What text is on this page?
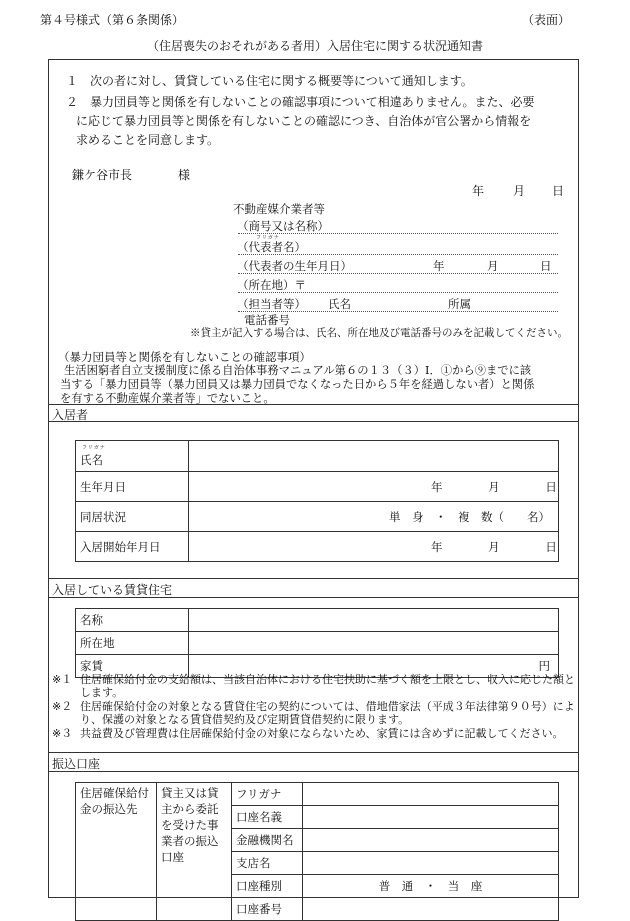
第４号様式（第６条関係）	（表面）
（住居喪失のおそれがある者用）入居住宅に関する状況通知書
１　次の者に対し、賃貸している住宅に関する概要等について通知します。
２　暴力団員等と関係を有しないことの確認事項について相違ありません。また、必要
に応じて暴力団員等と関係を有しないことの確認につき、自治体が官公署から情報を
求めることを同意します。
鎌ケ谷市長	様
年 月 日
不動産媒介業者等
（商号又は名称）
フリガナ
（代表者名）
（代表者の生年月日）	年	月	日
（所在地）〒
（担当者等） 氏名	所属
電話番号
※貸主が記入する場合は、氏名、所在地及び電話番号のみを記載してください。
（暴力団員等と関係を有しないことの確認事項）
生活困窮者自立支援制度に係る自治体事務マニュアル第６の１３（３）Ⅰ．①から⑨までに該
当する「暴力団員等（暴力団員又は暴力団員でなくなった日から５年を経過しない者）と関係
を有する不動産媒介業者等」でないこと。
入居者
フリガナ
氏名	
生年月日	年 月 日
同居状況	単　身　・　複　数（　　名）
入居開始年月日	年 月 日
入居している賃貸住宅
名称	
所在地	
家賃	円
※１ 住居確保給付金の支給額は、当該自治体における住宅扶助に基づく額を上限とし、収入に応じた額とします。
※２ 住居確保給付金の対象となる賃貸住宅の契約については、借地借家法（平成３年法律第９０号）により、保護の対象となる賃貸借契約及び定期賃貸借契約に限ります。
※３ 共益費及び管理費は住居確保給付金の対象にならないため、家賃には含めずに記載してください。
振込口座
住居確保給付金の振込先	貸主又は貸主から委託を受けた事業者の振込口座	フリガナ	
		口座名義	
		金融機関名	
		支店名	
		口座種別	普　通　・　当　座
		口座番号	
